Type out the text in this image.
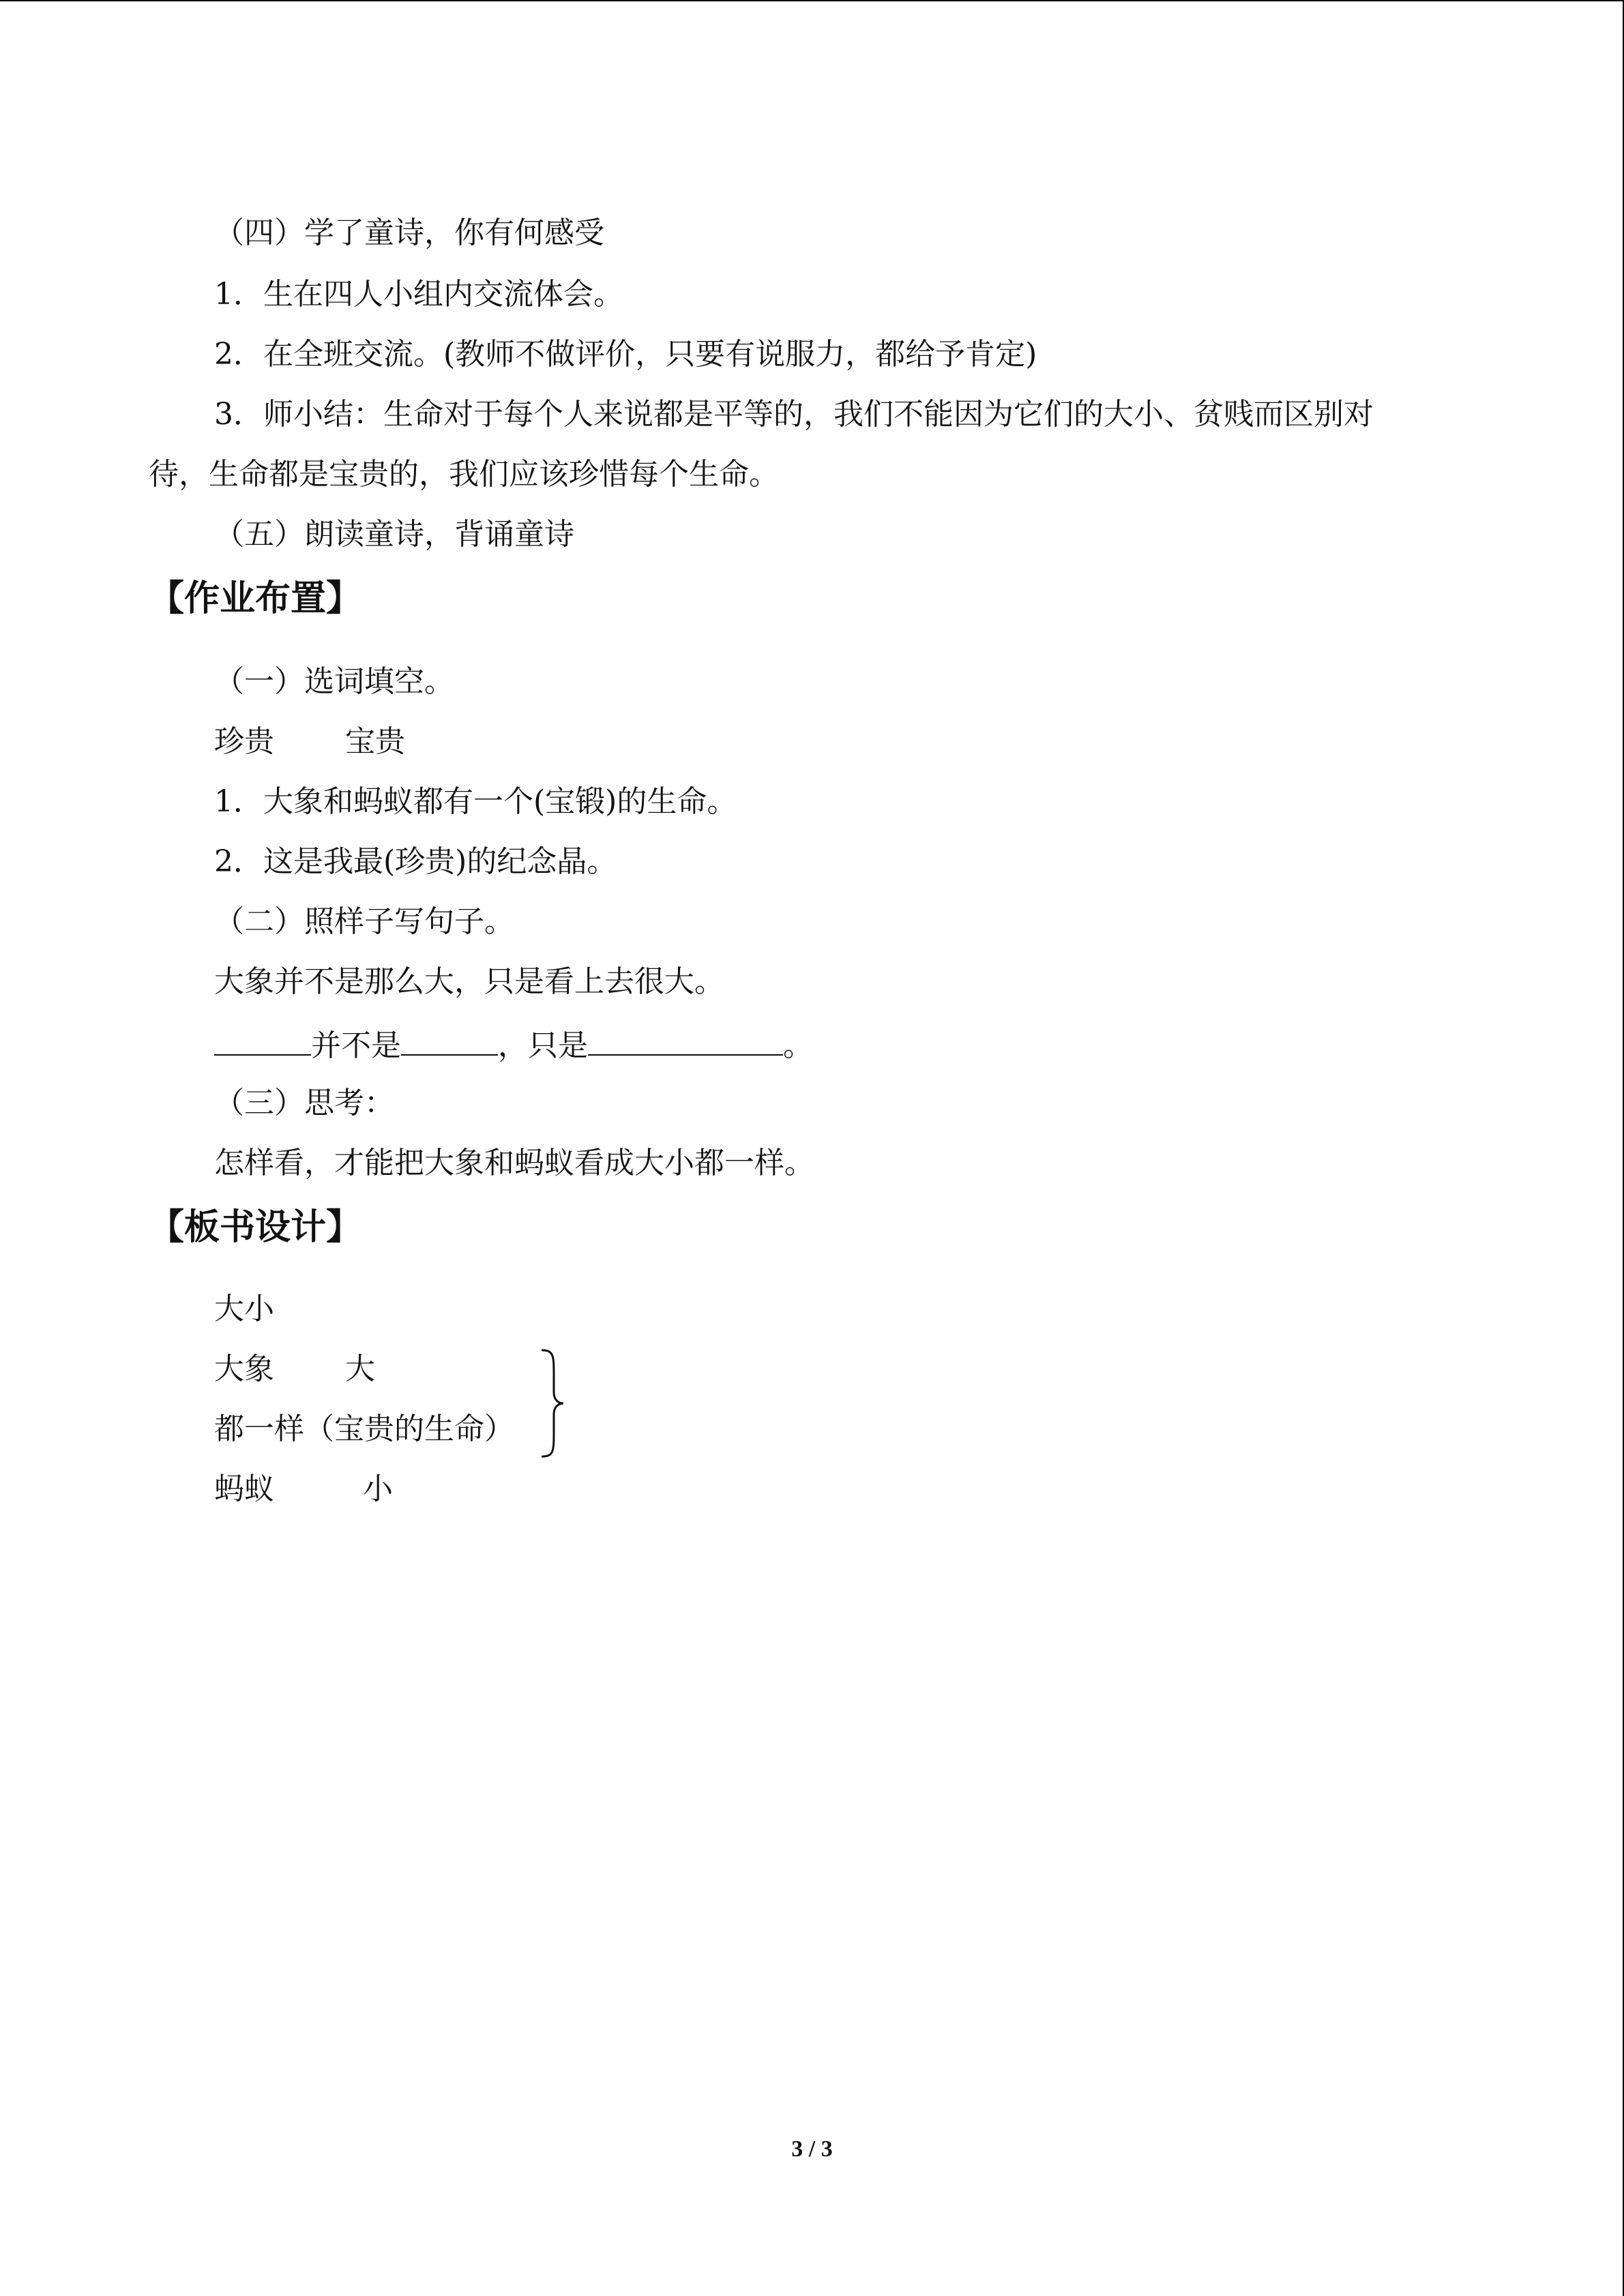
（四）学了童诗，你有何感受
1．生在四人小组内交流体会。
2．在全班交流。(教师不做评价，只要有说服力，都给予肯定)
3．师小结：生命对于每个人来说都是平等的，我们不能因为它们的大小、贫贱而区别对
待，生命都是宝贵的，我们应该珍惜每个生命。
（五）朗读童诗，背诵童诗
【作业布置】
（一）选词填空。
珍贵 宝贵
1．大象和蚂蚁都有一个(宝锻)的生命。
2．这是我最(珍贵)的纪念晶。
（二）照样子写句子。
大象并不是那么大，只是看上去很大。
并不是	，只是	。
（三）思考：
怎样看，才能把大象和蚂蚁看成大小都一样。
【板书设计】
大小
大象 大
都一样（宝贵的生命）
蚂蚁	小
3 / 3
